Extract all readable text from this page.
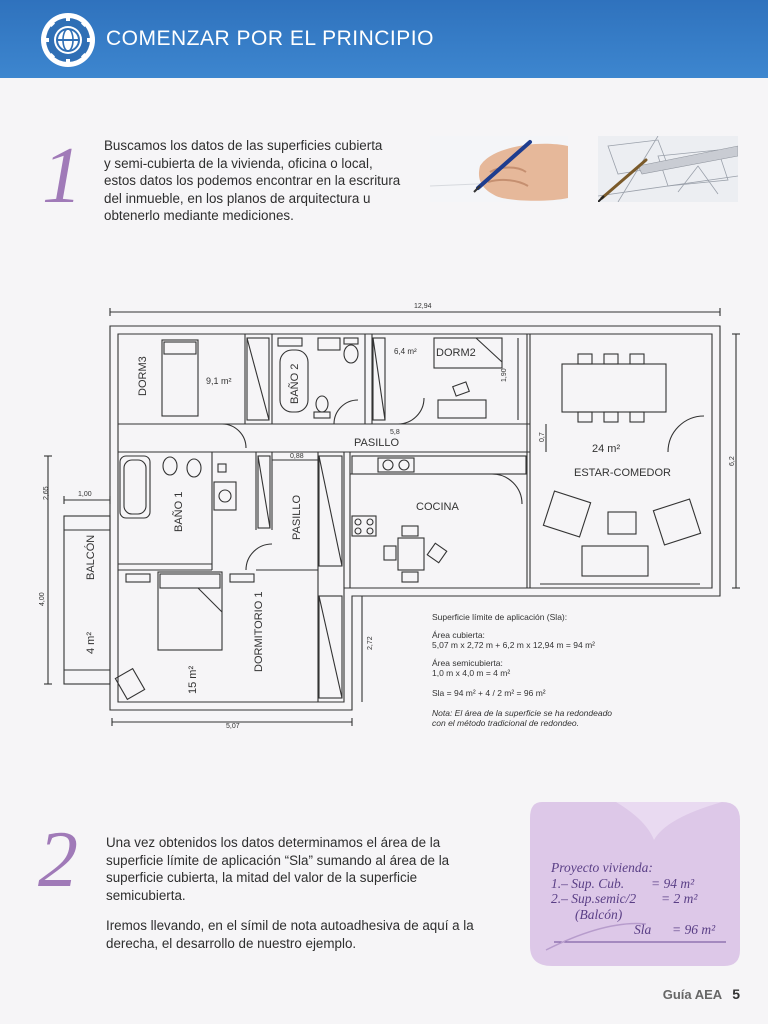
COMENZAR POR EL PRINCIPIO
1 Buscamos los datos de las superficies cubierta
y semi-cubierta de la vivienda, oficina o local,
estos datos los podemos encontrar en la escritura
del inmueble, en los planos de arquitectura u
obtenerlo mediante mediciones.
12,94
6,2
1,00
2,65
4,00
5,07
2,72
0,88
5,8	0,7
1,90
DORM3	9,1 m²	BAÑO 2
6,4 m² DORM2
PASILLO	24 m²
ESTAR-COMEDOR
BAÑO 1	PASILLO	COCINA
BALCÓN
4 m²	DORMITORIO 1
15 m²
Superficie límite de aplicación (Sla):
Área cubierta:
5,07 m x 2,72 m + 6,2 m x 12,94 m = 94 m²
Área semicubierta:
1,0 m x 4,0 m = 4 m²
Sla = 94 m² + 4 / 2 m² = 96 m²
Nota: El área de la superficie se ha redondeado
con el método tradicional de redondeo.
2 Una vez obtenidos los datos determinamos el área de la
superficie límite de aplicación “Sla” sumando al área de la
superficie cubierta, la mitad del valor de la superficie
semicubierta.
Iremos llevando, en el símil de nota autoadhesiva de aquí a la
derecha, el desarrollo de nuestro ejemplo.
Proyecto vivienda:
1.– Sup. Cub.	= 94 m²
2.– Sup.semic/2	= 2 m²
(Balcón)
Sla	= 96 m²
Guía AEA 5
